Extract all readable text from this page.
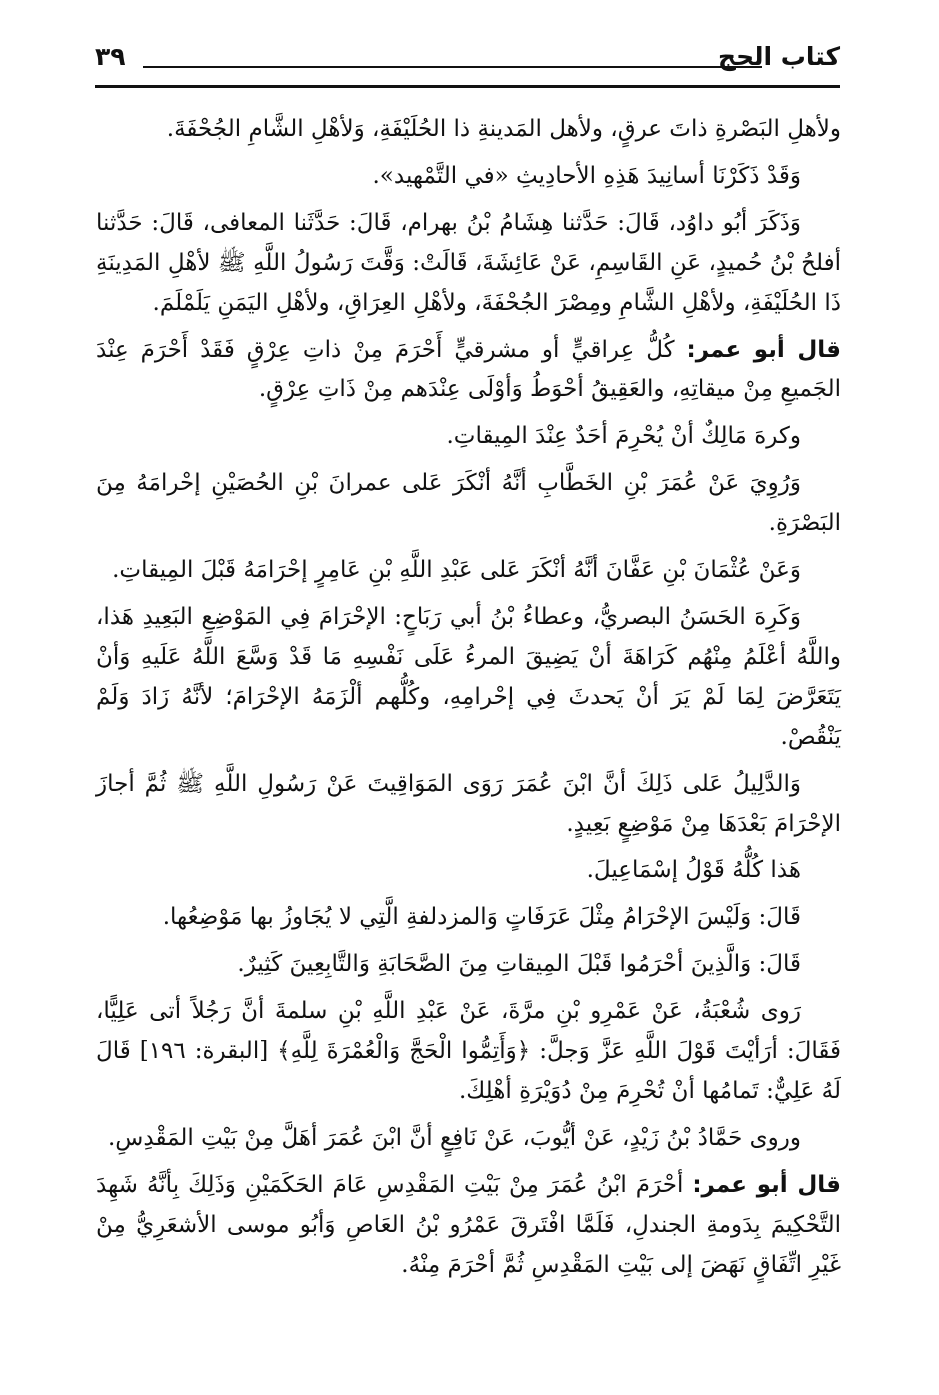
كتاب الحج
٣٩

ولأهلِ البَصْرةِ ذاتَ عرقٍ، ولأهل المَدينةِ ذا الحُلَيْفَةِ، وَلأهْلِ الشَّامِ الجُحْفَةَ.

وَقَدْ ذَكَرْنَا أسانِيدَ هَذِهِ الأحادِيثِ «في التَّمْهيد».

وَذَكَرَ أبُو داوُد، قَالَ: حَدَّثنا هِشَامُ بْنُ بهرام، قَالَ: حَدَّثَنا المعافى، قَالَ: حَدَّثنا أفلحُ بْنُ حُميدٍ، عَنِ القَاسِمِ، عَنْ عَائِشَةَ، قَالَتْ: وَقَّتَ رَسُولُ اللَّهِ ﷺ لأهْلِ المَدِينَةِ ذَا الحُلَيْفَةِ، ولأهْلِ الشَّامِ ومِصْرَ الجُحْفَةَ، ولأهْلِ العِرَاقِ، ولأهْلِ اليَمَنِ يَلَمْلَمَ.

قال أبو عمر: كُلُّ عِراقيٍّ أو مشرقيٍّ أَحْرَمَ مِنْ ذاتِ عِرْقٍ فَقَدْ أَحْرَمَ عِنْدَ الجَميعِ مِنْ ميقاتِهِ، والعَقِيقُ أحْوَطُ وَأوْلَى عِنْدَهم مِنْ ذَاتِ عِرْقٍ.

وكرهَ مَالِكٌ أنْ يُحْرِمَ أحَدٌ عِنْدَ المِيقاتِ.

وَرُوِيَ عَنْ عُمَرَ بْنِ الخَطَّابِ أنَّهُ أنْكَرَ عَلى عمرانَ بْنِ الحُصَيْنِ إحْرامَهُ مِنَ البَصْرَةِ.

وَعَنْ عُثْمَانَ بْنِ عَفَّانَ أنَّهُ أنْكَرَ عَلى عَبْدِ اللَّهِ بْنِ عَامِرٍ إحْرَامَهُ قَبْلَ المِيقاتِ.

وَكَرِهَ الحَسَنُ البصريُّ، وعطاءُ بْنُ أبي رَبَاحٍ: الإحْرَامَ فِي المَوْضِعِ البَعِيدِ هَذا، واللَّهُ أعْلَمُ مِنْهُم كَرَاهَةَ أنْ يَضِيقَ المرءُ عَلَى نَفْسِهِ مَا قَدْ وَسَّعَ اللَّهُ عَلَيهِ وَأنْ يَتَعَرَّضَ لِمَا لَمْ يَرَ أنْ يَحدثَ فِي إحْرامِهِ، وكُلُّهم ألْزَمَهُ الإحْرَامَ؛ لأنَّهُ زَادَ وَلَمْ يَنْقُصْ.

وَالدَّلِيلُ عَلى ذَلِكَ أنَّ ابْنَ عُمَرَ رَوَى المَوَاقِيتَ عَنْ رَسُولِ اللَّهِ ﷺ ثُمَّ أجازَ الإحْرَامَ بَعْدَهَا مِنْ مَوْضِعٍ بَعِيدٍ.

هَذا كُلُّهُ قَوْلُ إسْمَاعِيلَ.

قَالَ: وَلَيْسَ الإحْرَامُ مِثْلَ عَرَفَاتٍ وَالمزدلفةِ الَّتِي لا يُجَاوزُ بها مَوْضِعُها.

قَالَ: وَالَّذِينَ أحْرَمُوا قَبْلَ المِيقاتِ مِنَ الصَّحَابَةِ وَالتَّابِعِينَ كَثِيرٌ.

رَوى شُعْبَةُ، عَنْ عَمْرِو بْنِ مرَّةَ، عَنْ عَبْدِ اللَّهِ بْنِ سلمةَ أنَّ رَجُلاً أتى عَلِيًّا، فَقَالَ: أرَأيْتَ قَوْلَ اللَّهِ عَزَّ وَجلَّ: ﴿وَأَتِمُّوا الْحَجَّ وَالْعُمْرَةَ لِلَّهِ﴾ [البقرة: ١٩٦] قَالَ لَهُ عَلِيٌّ: تَمامُها أنْ تُحْرِمَ مِنْ دُوَيْرَةِ أهْلِكَ.

وروى حَمَّادُ بْنُ زَيْدٍ، عَنْ أيُّوبَ، عَنْ نَافِعٍ أنَّ ابْنَ عُمَرَ أهَلَّ مِنْ بَيْتِ المَقْدِسِ.

قال أبو عمر: أحْرَمَ ابْنُ عُمَرَ مِنْ بَيْتِ المَقْدِسِ عَامَ الحَكَمَيْنِ وَذَلِكَ بِأنَّهُ شَهِدَ التَّحْكِيمَ بِدَومةِ الجندلِ، فَلَمَّا افْتَرقَ عَمْرُو بْنُ العَاصِ وَأبُو موسى الأشعَرِيُّ مِنْ غَيْرِ اتِّفَاقٍ نَهَضَ إلى بَيْتِ المَقْدِسِ ثُمَّ أحْرَمَ مِنْهُ.
